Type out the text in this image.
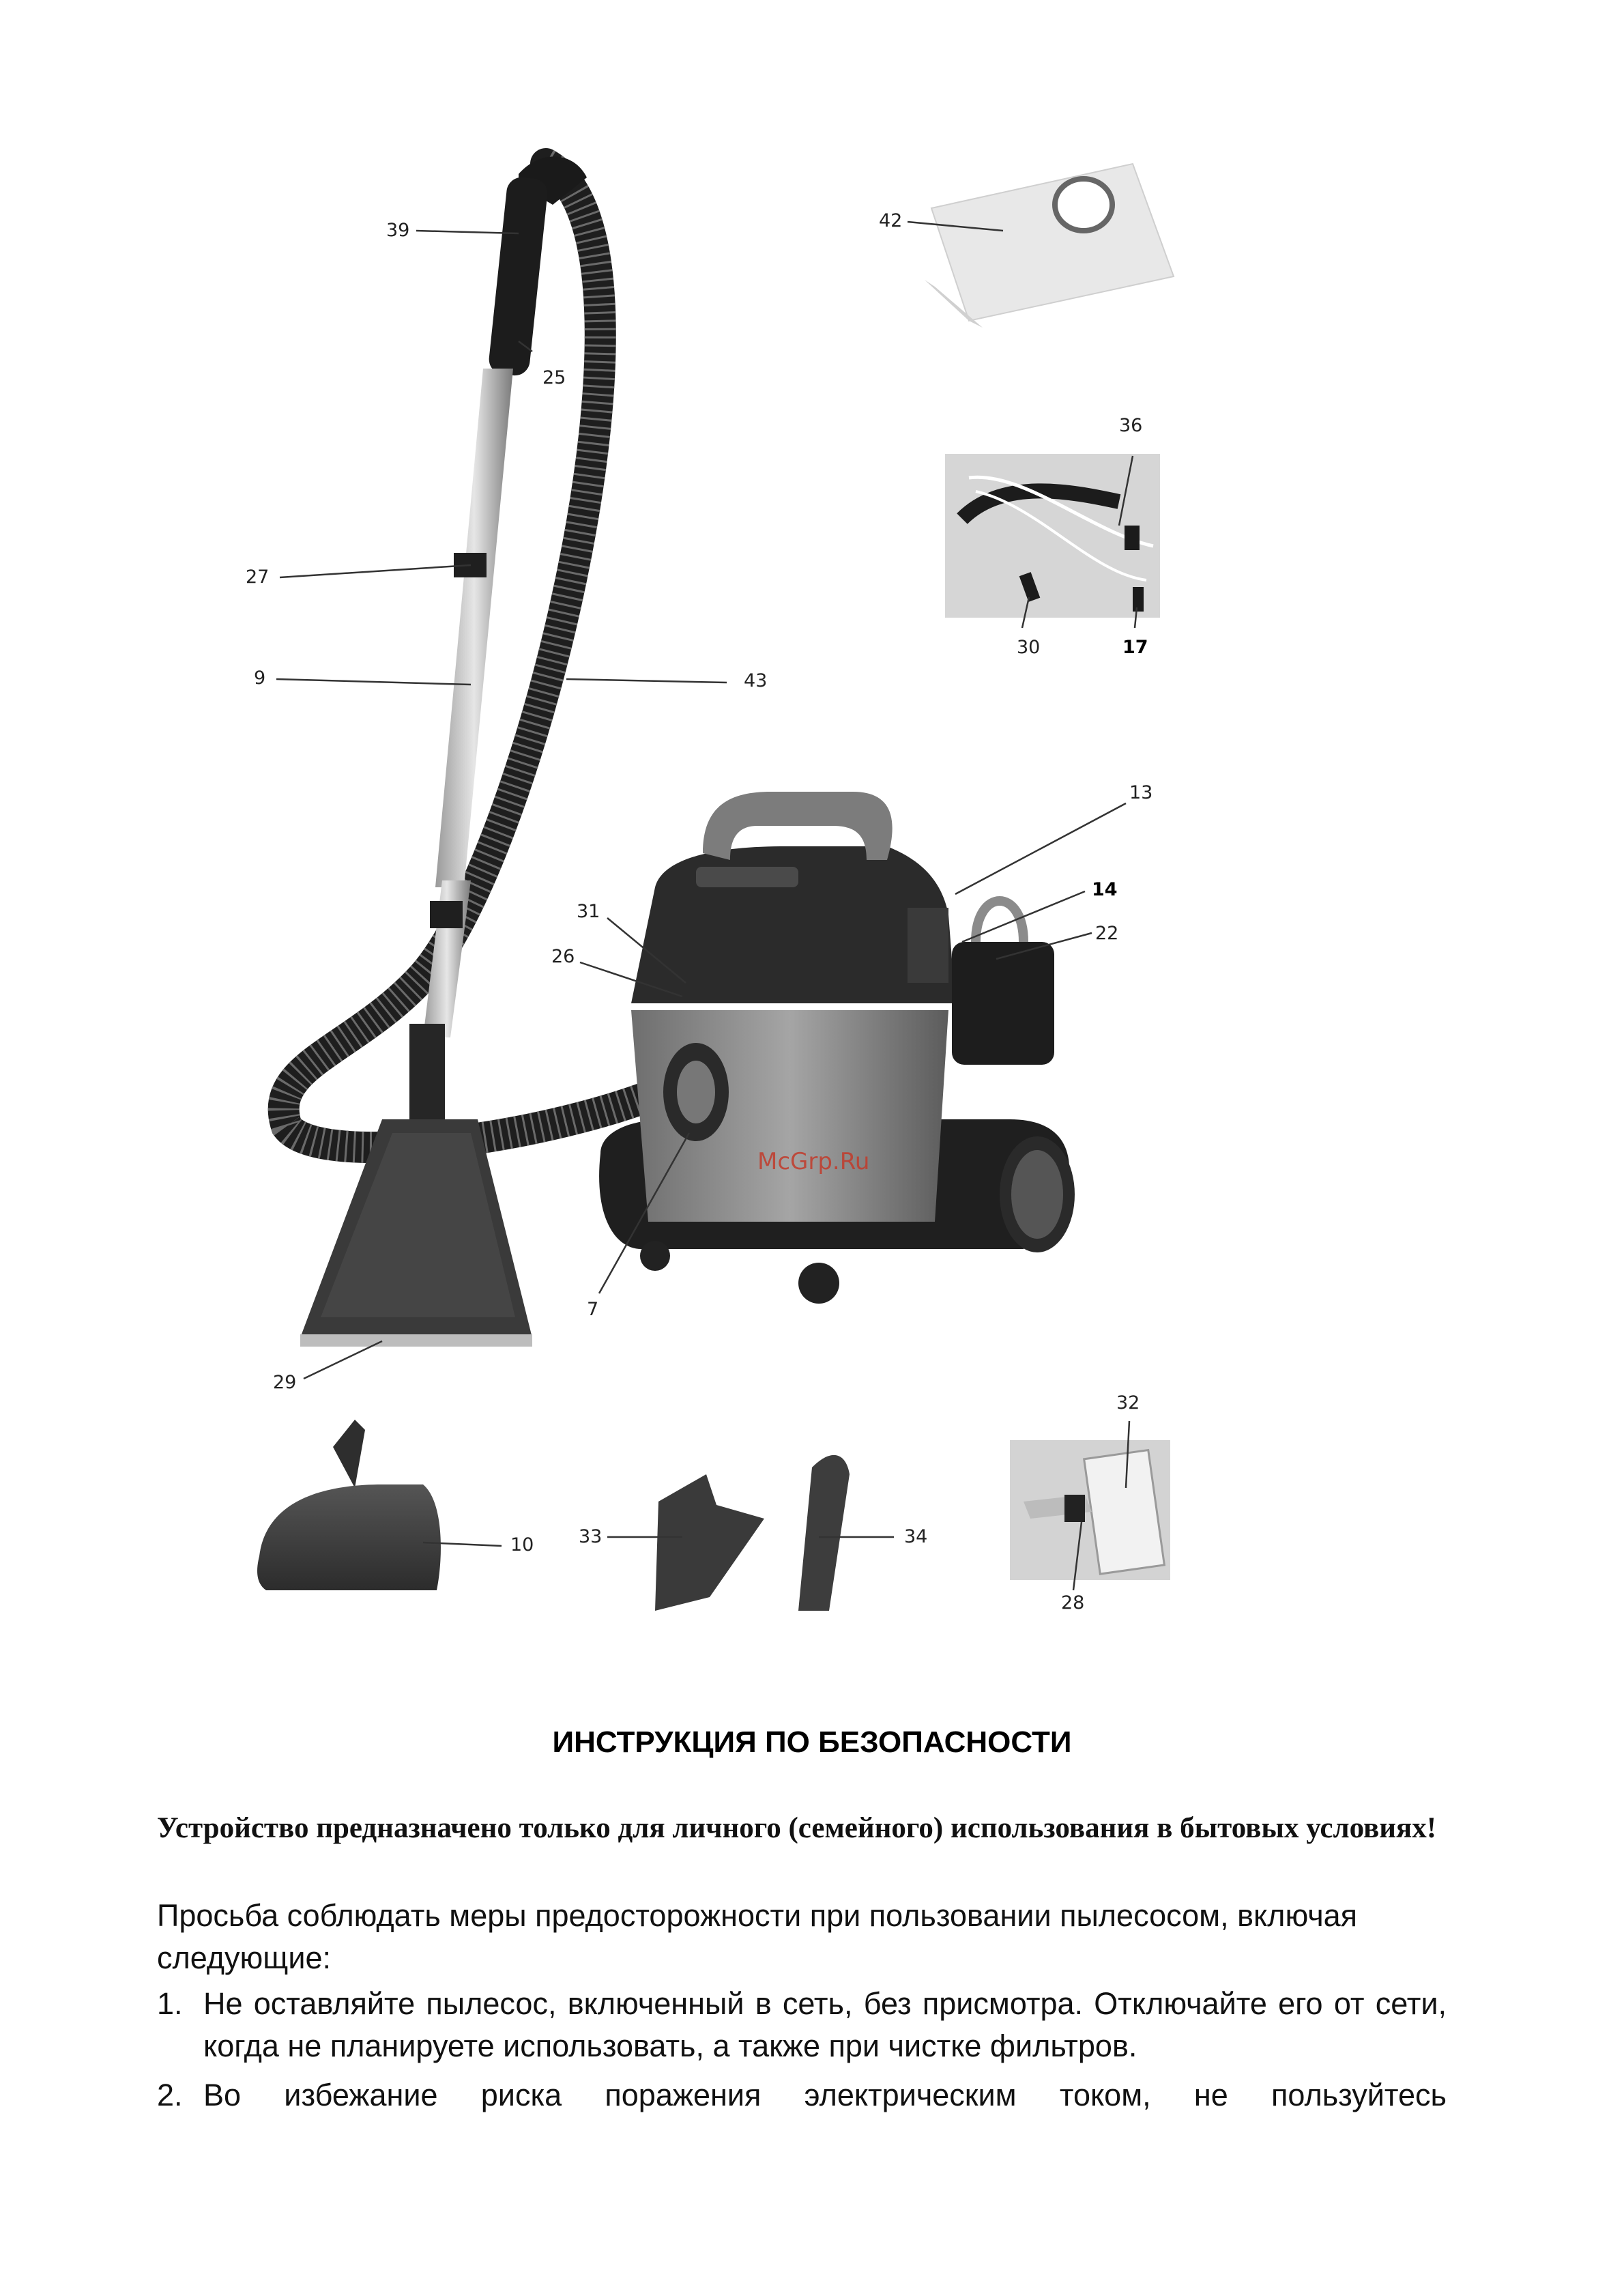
39
25
27
9	43
42
36
30	17
13
14
22
31
26
7
29
10 33	34
32
28
McGrp.Ru
ИНСТРУКЦИЯ ПО БЕЗОПАСНОСТИ
Устройство предназначено только для личного (семейного) использования в бытовых условиях!
Просьба соблюдать меры предосторожности при пользовании пылесосом, включая следующие:
1. Не оставляйте пылесос, включенный в сеть, без присмотра. Отключайте его от сети, когда не планируете использовать, а также при чистке фильтров.
2. Во избежание риска поражения электрическим током, не пользуйтесь
